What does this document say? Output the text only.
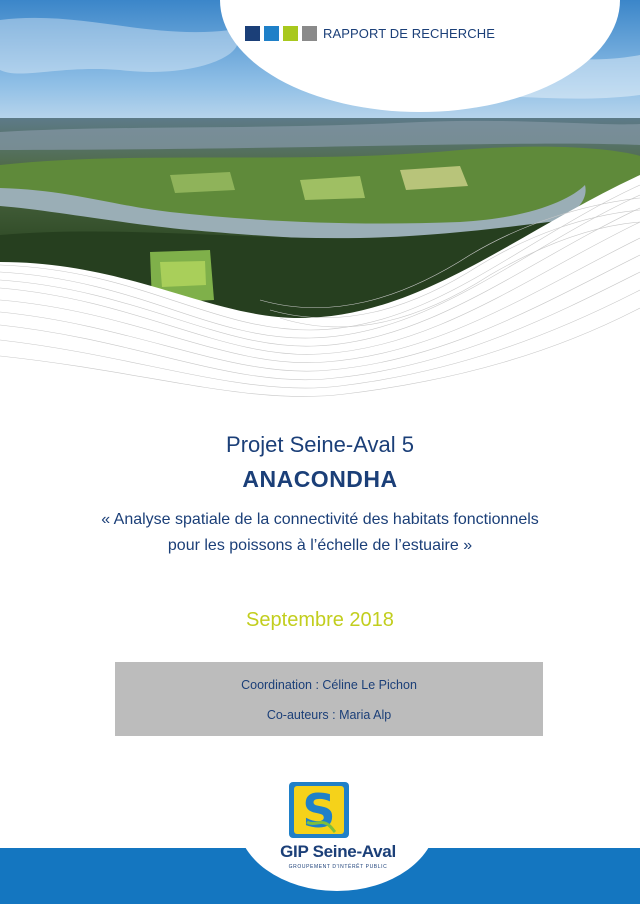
RAPPORT DE RECHERCHE
Projet Seine-Aval 5
ANACONDHA
« Analyse spatiale de la connectivité des habitats fonctionnels
pour les poissons à l’échelle de l’estuaire »
Septembre 2018
Coordination : Céline Le Pichon
Co-auteurs : Maria Alp
S
GIP Seine-Aval
GROUPEMENT D'INTÉRÊT PUBLIC
